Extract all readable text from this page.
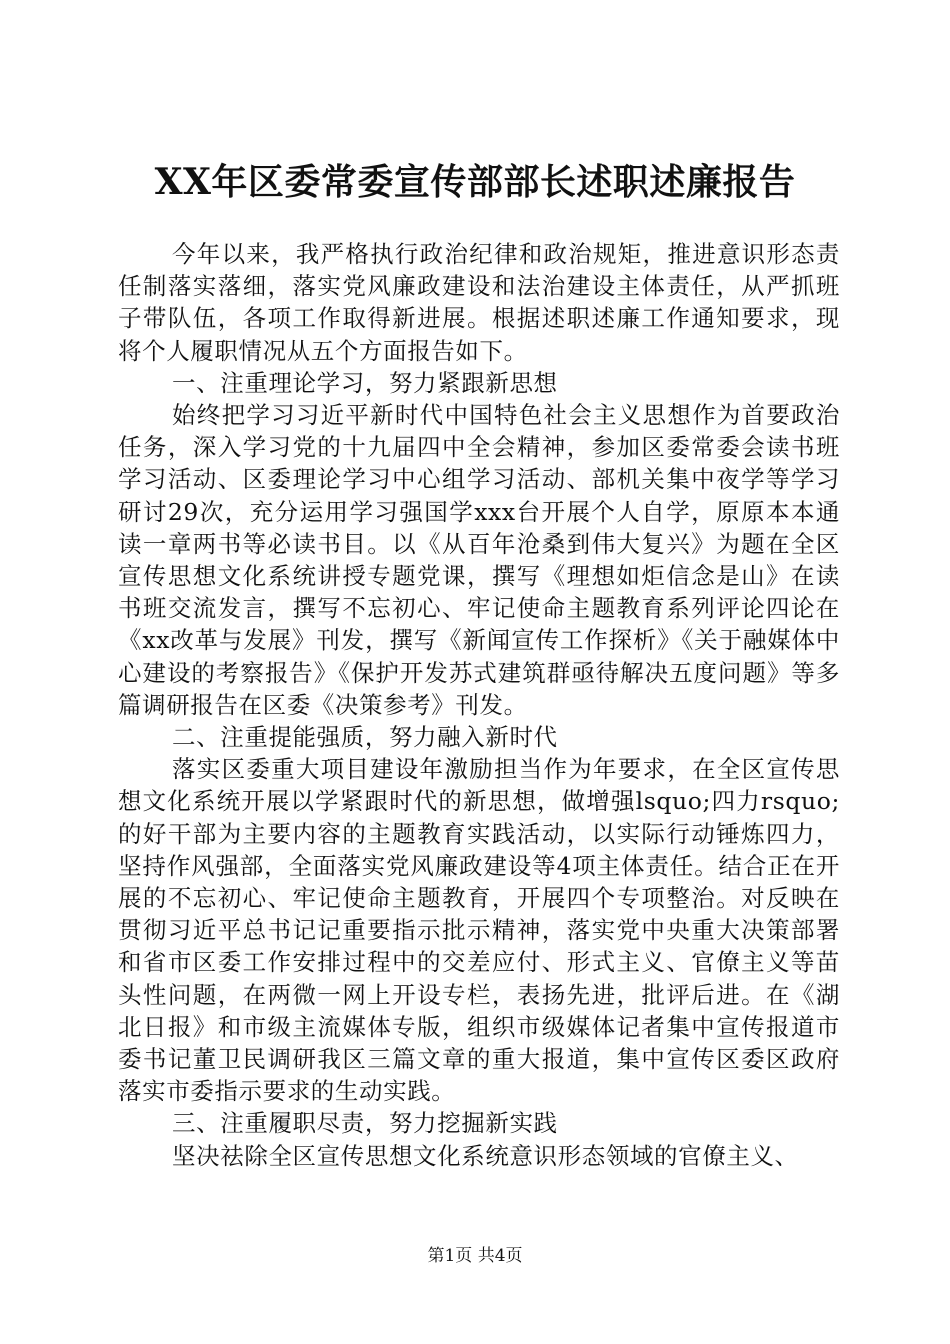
XX年区委常委宣传部部长述职述廉报告

今年以来，我严格执行政治纪律和政治规矩，推进意识形态责任制落实落细，落实党风廉政建设和法治建设主体责任，从严抓班子带队伍，各项工作取得新进展。根据述职述廉工作通知要求，现将个人履职情况从五个方面报告如下。

一、注重理论学习，努力紧跟新思想

始终把学习习近平新时代中国特色社会主义思想作为首要政治任务，深入学习党的十九届四中全会精神，参加区委常委会读书班学习活动、区委理论学习中心组学习活动、部机关集中夜学等学习研讨29次，充分运用学习强国学xxx台开展个人自学，原原本本通读一章两书等必读书目。以《从百年沧桑到伟大复兴》为题在全区宣传思想文化系统讲授专题党课，撰写《理想如炬信念是山》在读书班交流发言，撰写不忘初心、牢记使命主题教育系列评论四论在《xx改革与发展》刊发，撰写《新闻宣传工作探析》《关于融媒体中心建设的考察报告》《保护开发苏式建筑群亟待解决五度问题》等多篇调研报告在区委《决策参考》刊发。

二、注重提能强质，努力融入新时代

落实区委重大项目建设年激励担当作为年要求，在全区宣传思想文化系统开展以学紧跟时代的新思想，做增强lsquo;四力rsquo;的好干部为主要内容的主题教育实践活动，以实际行动锤炼四力，坚持作风强部，全面落实党风廉政建设等4项主体责任。结合正在开展的不忘初心、牢记使命主题教育，开展四个专项整治。对反映在贯彻习近平总书记记重要指示批示精神，落实党中央重大决策部署和省市区委工作安排过程中的交差应付、形式主义、官僚主义等苗头性问题，在两微一网上开设专栏，表扬先进，批评后进。在《湖北日报》和市级主流媒体专版，组织市级媒体记者集中宣传报道市委书记董卫民调研我区三篇文章的重大报道，集中宣传区委区政府落实市委指示要求的生动实践。

三、注重履职尽责，努力挖掘新实践

坚决祛除全区宣传思想文化系统意识形态领域的官僚主义、

第1页 共4页
